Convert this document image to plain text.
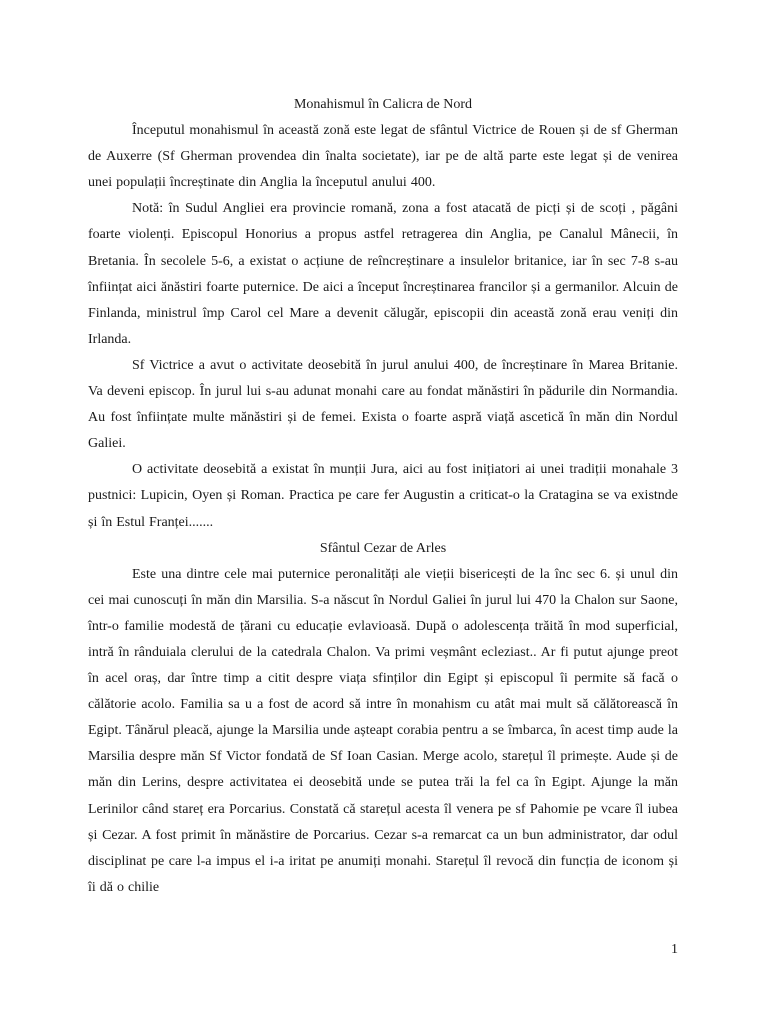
Monahismul în Calicra de Nord

Începutul monahismul în această zonă este legat de sfântul Victrice de Rouen și de sf Gherman de Auxerre (Sf Gherman provendea din înalta societate), iar pe de altă parte este legat și de venirea unei populații încreștinate din Anglia la începutul anului 400.

Notă: în Sudul Angliei era provincie romană, zona a fost atacată de picți și de scoți , păgâni foarte violenți. Episcopul Honorius a propus astfel retragerea din Anglia, pe Canalul Mânecii, în Bretania. În secolele 5-6, a existat o acțiune de reîncreștinare a insulelor britanice, iar în sec 7-8 s-au înființat aici ănăstiri foarte puternice. De aici a început încreștinarea francilor și a germanilor. Alcuin de Finlanda, ministrul împ Carol cel Mare a devenit călugăr, episcopii din această zonă erau veniți din Irlanda.

Sf Victrice a avut o activitate deosebită în jurul anului 400, de încreștinare în Marea Britanie. Va deveni episcop. În jurul lui s-au adunat monahi care au fondat mănăstiri în pădurile din Normandia. Au fost înființate multe mănăstiri și de femei. Exista o foarte aspră viață ascetică în măn din Nordul Galiei.

O activitate deosebită a existat în munții Jura, aici au fost inițiatori ai unei tradiții monahale 3 pustnici: Lupicin, Oyen și Roman. Practica pe care fer Augustin a criticat-o la Cratagina se va existnde și în Estul Franței.......

Sfântul Cezar de Arles

Este una dintre cele mai puternice peronalități ale vieții bisericești de la înc sec 6. și unul din cei mai cunoscuți în măn din Marsilia. S-a născut în Nordul Galiei în jurul lui 470 la Chalon sur Saone, într-o familie modestă de țărani cu educație evlavioasă. După o adolescența trăită în mod superficial, intră în rânduiala clerului de la catedrala Chalon. Va primi veșmânt ecleziast.. Ar fi putut ajunge preot în acel oraș, dar între timp a citit despre viața sfinților din Egipt și episcopul îi permite să facă o călătorie acolo. Familia sa u a fost de acord să intre în monahism cu atât mai mult să călătorească în Egipt. Tânărul pleacă, ajunge la Marsilia unde așteapt corabia pentru a se îmbarca, în acest timp aude la Marsilia despre măn Sf Victor fondată de Sf Ioan Casian. Merge acolo, starețul îl primește. Aude și de măn din Lerins, despre activitatea ei deosebită unde se putea trăi la fel ca în Egipt. Ajunge la măn Lerinilor când stareț era Porcarius. Constată că starețul acesta îl venera pe sf Pahomie pe vcare îl iubea și Cezar. A fost primit în mănăstire de Porcarius. Cezar s-a remarcat ca un bun administrator, dar odul disciplinat pe care l-a impus el i-a iritat pe anumiți monahi. Starețul îl revocă din funcția de iconom și îi dă o chilie

1
